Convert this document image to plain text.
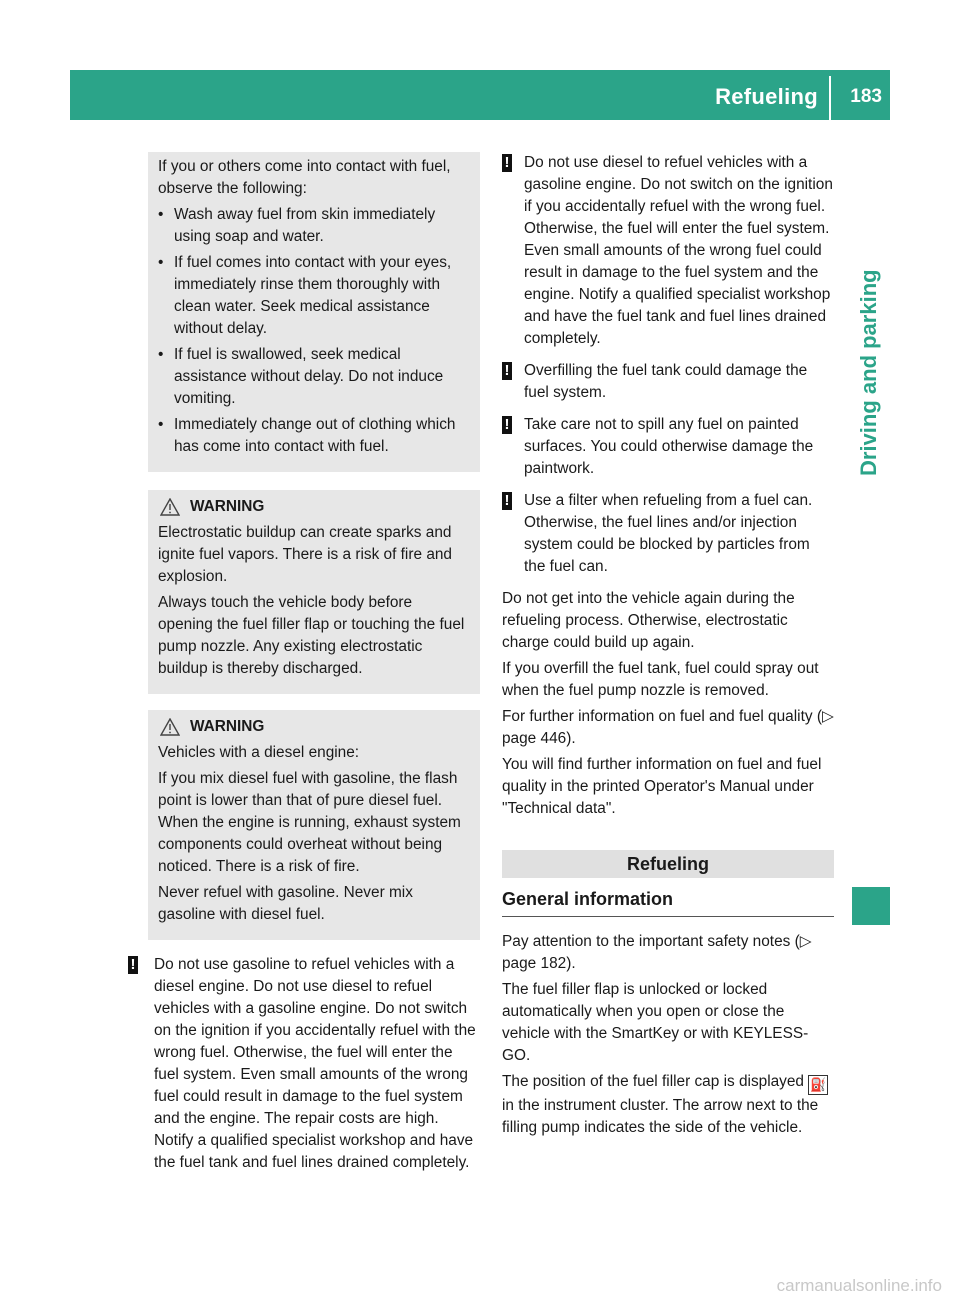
Refueling 183
Driving and parking

If you or others come into contact with fuel, observe the following:

• Wash away fuel from skin immediately using soap and water.
• If fuel comes into contact with your eyes, immediately rinse them thoroughly with clean water. Seek medical assistance without delay.
• If fuel is swallowed, seek medical assistance without delay. Do not induce vomiting.
• Immediately change out of clothing which has come into contact with fuel.
WARNING

Electrostatic buildup can create sparks and ignite fuel vapors. There is a risk of fire and explosion.

Always touch the vehicle body before opening the fuel filler flap or touching the fuel pump nozzle. Any existing electrostatic buildup is thereby discharged.

WARNING

Vehicles with a diesel engine:

If you mix diesel fuel with gasoline, the flash point is lower than that of pure diesel fuel. When the engine is running, exhaust system components could overheat without being noticed. There is a risk of fire.

Never refuel with gasoline. Never mix gasoline with diesel fuel.

! Do not use gasoline to refuel vehicles with a diesel engine. Do not use diesel to refuel vehicles with a gasoline engine. Do not switch on the ignition if you accidentally refuel with the wrong fuel. Otherwise, the fuel will enter the fuel system. Even small amounts of the wrong fuel could result in damage to the fuel system and the engine. The repair costs are high. Notify a qualified specialist workshop and have the fuel tank and fuel lines drained completely.
! Do not use diesel to refuel vehicles with a gasoline engine. Do not switch on the ignition if you accidentally refuel with the wrong fuel. Otherwise, the fuel will enter the fuel system. Even small amounts of the wrong fuel could result in damage to the fuel system and the engine. Notify a qualified specialist workshop and have the fuel tank and fuel lines drained completely.
! Overfilling the fuel tank could damage the fuel system.
! Take care not to spill any fuel on painted surfaces. You could otherwise damage the paintwork.
! Use a filter when refueling from a fuel can. Otherwise, the fuel lines and/or injection system could be blocked by particles from the fuel can.

Do not get into the vehicle again during the refueling process. Otherwise, electrostatic charge could build up again.

If you overfill the fuel tank, fuel could spray out when the fuel pump nozzle is removed.

For further information on fuel and fuel quality (▷ page 446).

You will find further information on fuel and fuel quality in the printed Operator's Manual under "Technical data".

Refueling
General information

Pay attention to the important safety notes (▷ page 182).

The fuel filler flap is unlocked or locked automatically when you open or close the vehicle with the SmartKey or with KEYLESS-GO.

The position of the fuel filler cap is displayed ⛽in the instrument cluster. The arrow next to the filling pump indicates the side of the vehicle.

carmanualsonline.info
